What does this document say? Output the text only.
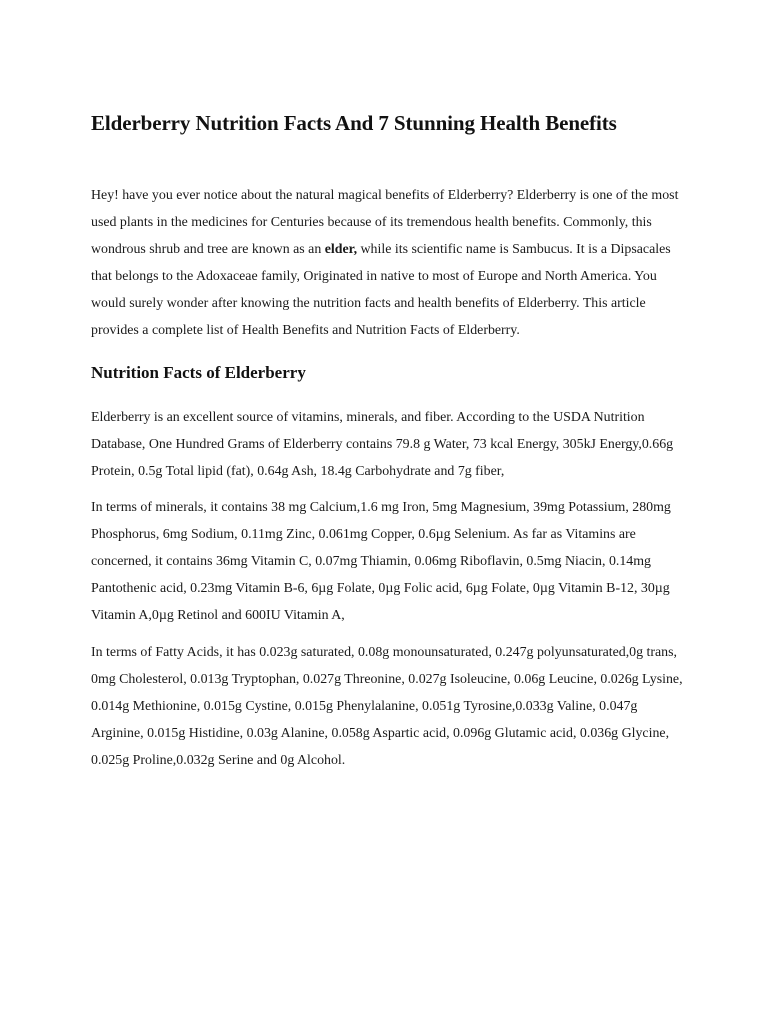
Elderberry Nutrition Facts And 7 Stunning Health Benefits

Hey! have you ever notice about the natural magical benefits of Elderberry? Elderberry is one of the most used plants in the medicines for Centuries because of its tremendous health benefits. Commonly, this wondrous shrub and tree are known as an elder, while its scientific name is Sambucus. It is a Dipsacales that belongs to the Adoxaceae family, Originated in native to most of Europe and North America. You would surely wonder after knowing the nutrition facts and health benefits of Elderberry. This article provides a complete list of Health Benefits and Nutrition Facts of Elderberry.

Nutrition Facts of Elderberry

Elderberry is an excellent source of vitamins, minerals, and fiber. According to the USDA Nutrition Database, One Hundred Grams of Elderberry contains 79.8 g Water, 73 kcal Energy, 305kJ Energy,0.66g Protein, 0.5g Total lipid (fat), 0.64g Ash, 18.4g Carbohydrate and 7g fiber,

In terms of minerals, it contains 38 mg Calcium,1.6 mg Iron, 5mg Magnesium, 39mg Potassium, 280mg Phosphorus, 6mg Sodium, 0.11mg Zinc, 0.061mg Copper, 0.6µg Selenium. As far as Vitamins are concerned, it contains 36mg Vitamin C, 0.07mg Thiamin, 0.06mg Riboflavin, 0.5mg Niacin, 0.14mg Pantothenic acid, 0.23mg Vitamin B-6, 6µg Folate, 0µg Folic acid, 6µg Folate, 0µg Vitamin B-12, 30µg Vitamin A,0µg Retinol and 600IU Vitamin A,

In terms of Fatty Acids, it has 0.023g saturated, 0.08g monounsaturated, 0.247g polyunsaturated,0g trans, 0mg Cholesterol, 0.013g Tryptophan, 0.027g Threonine, 0.027g Isoleucine, 0.06g Leucine, 0.026g Lysine, 0.014g Methionine, 0.015g Cystine, 0.015g Phenylalanine, 0.051g Tyrosine,0.033g Valine, 0.047g Arginine, 0.015g Histidine, 0.03g Alanine, 0.058g Aspartic acid, 0.096g Glutamic acid, 0.036g Glycine, 0.025g Proline,0.032g Serine and 0g Alcohol.
